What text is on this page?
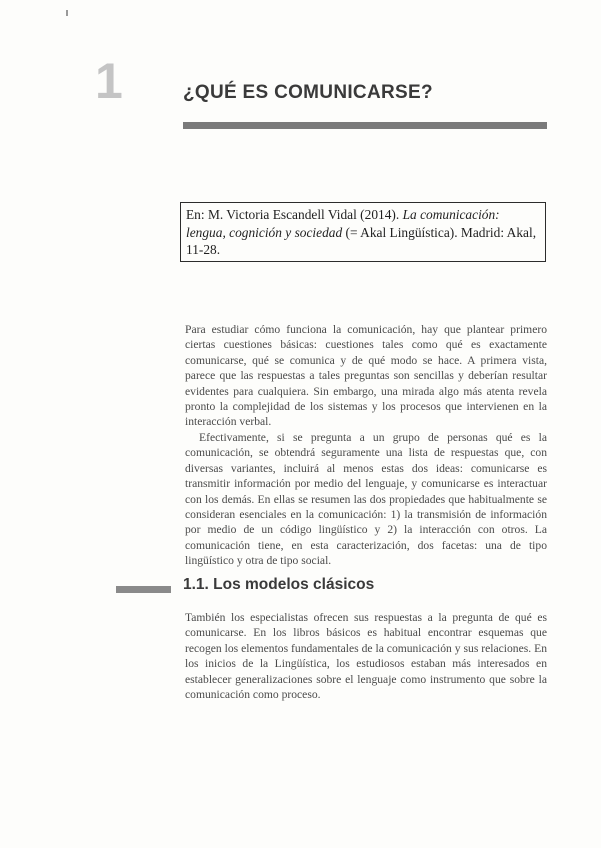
1	¿QUÉ ES COMUNICARSE?
En: M. Victoria Escandell Vidal (2014). La comunicación: lengua, cognición y sociedad (= Akal Lingüística). Madrid: Akal, 11-28.

Para estudiar cómo funciona la comunicación, hay que plantear primero ciertas cuestiones básicas: cuestiones tales como qué es exactamente comunicarse, qué se comunica y de qué modo se hace. A primera vista, parece que las respuestas a tales preguntas son sencillas y deberían resultar evidentes para cualquiera. Sin embargo, una mirada algo más atenta revela pronto la complejidad de los sistemas y los procesos que intervienen en la interacción verbal.

Efectivamente, si se pregunta a un grupo de personas qué es la comunicación, se obtendrá seguramente una lista de respuestas que, con diversas variantes, incluirá al menos estas dos ideas: comunicarse es transmitir información por medio del lenguaje, y comunicarse es interactuar con los demás. En ellas se resumen las dos propiedades que habitualmente se consideran esenciales en la comunicación: 1) la transmisión de información por medio de un código lingüístico y 2) la interacción con otros. La comunicación tiene, en esta caracterización, dos facetas: una de tipo lingüístico y otra de tipo social.

1.1. Los modelos clásicos

También los especialistas ofrecen sus respuestas a la pregunta de qué es comunicarse. En los libros básicos es habitual encontrar esquemas que recogen los elementos fundamentales de la comunicación y sus relaciones. En los inicios de la Lingüística, los estudiosos estaban más interesados en establecer generalizaciones sobre el lenguaje como instrumento que sobre la comunicación como proceso.
